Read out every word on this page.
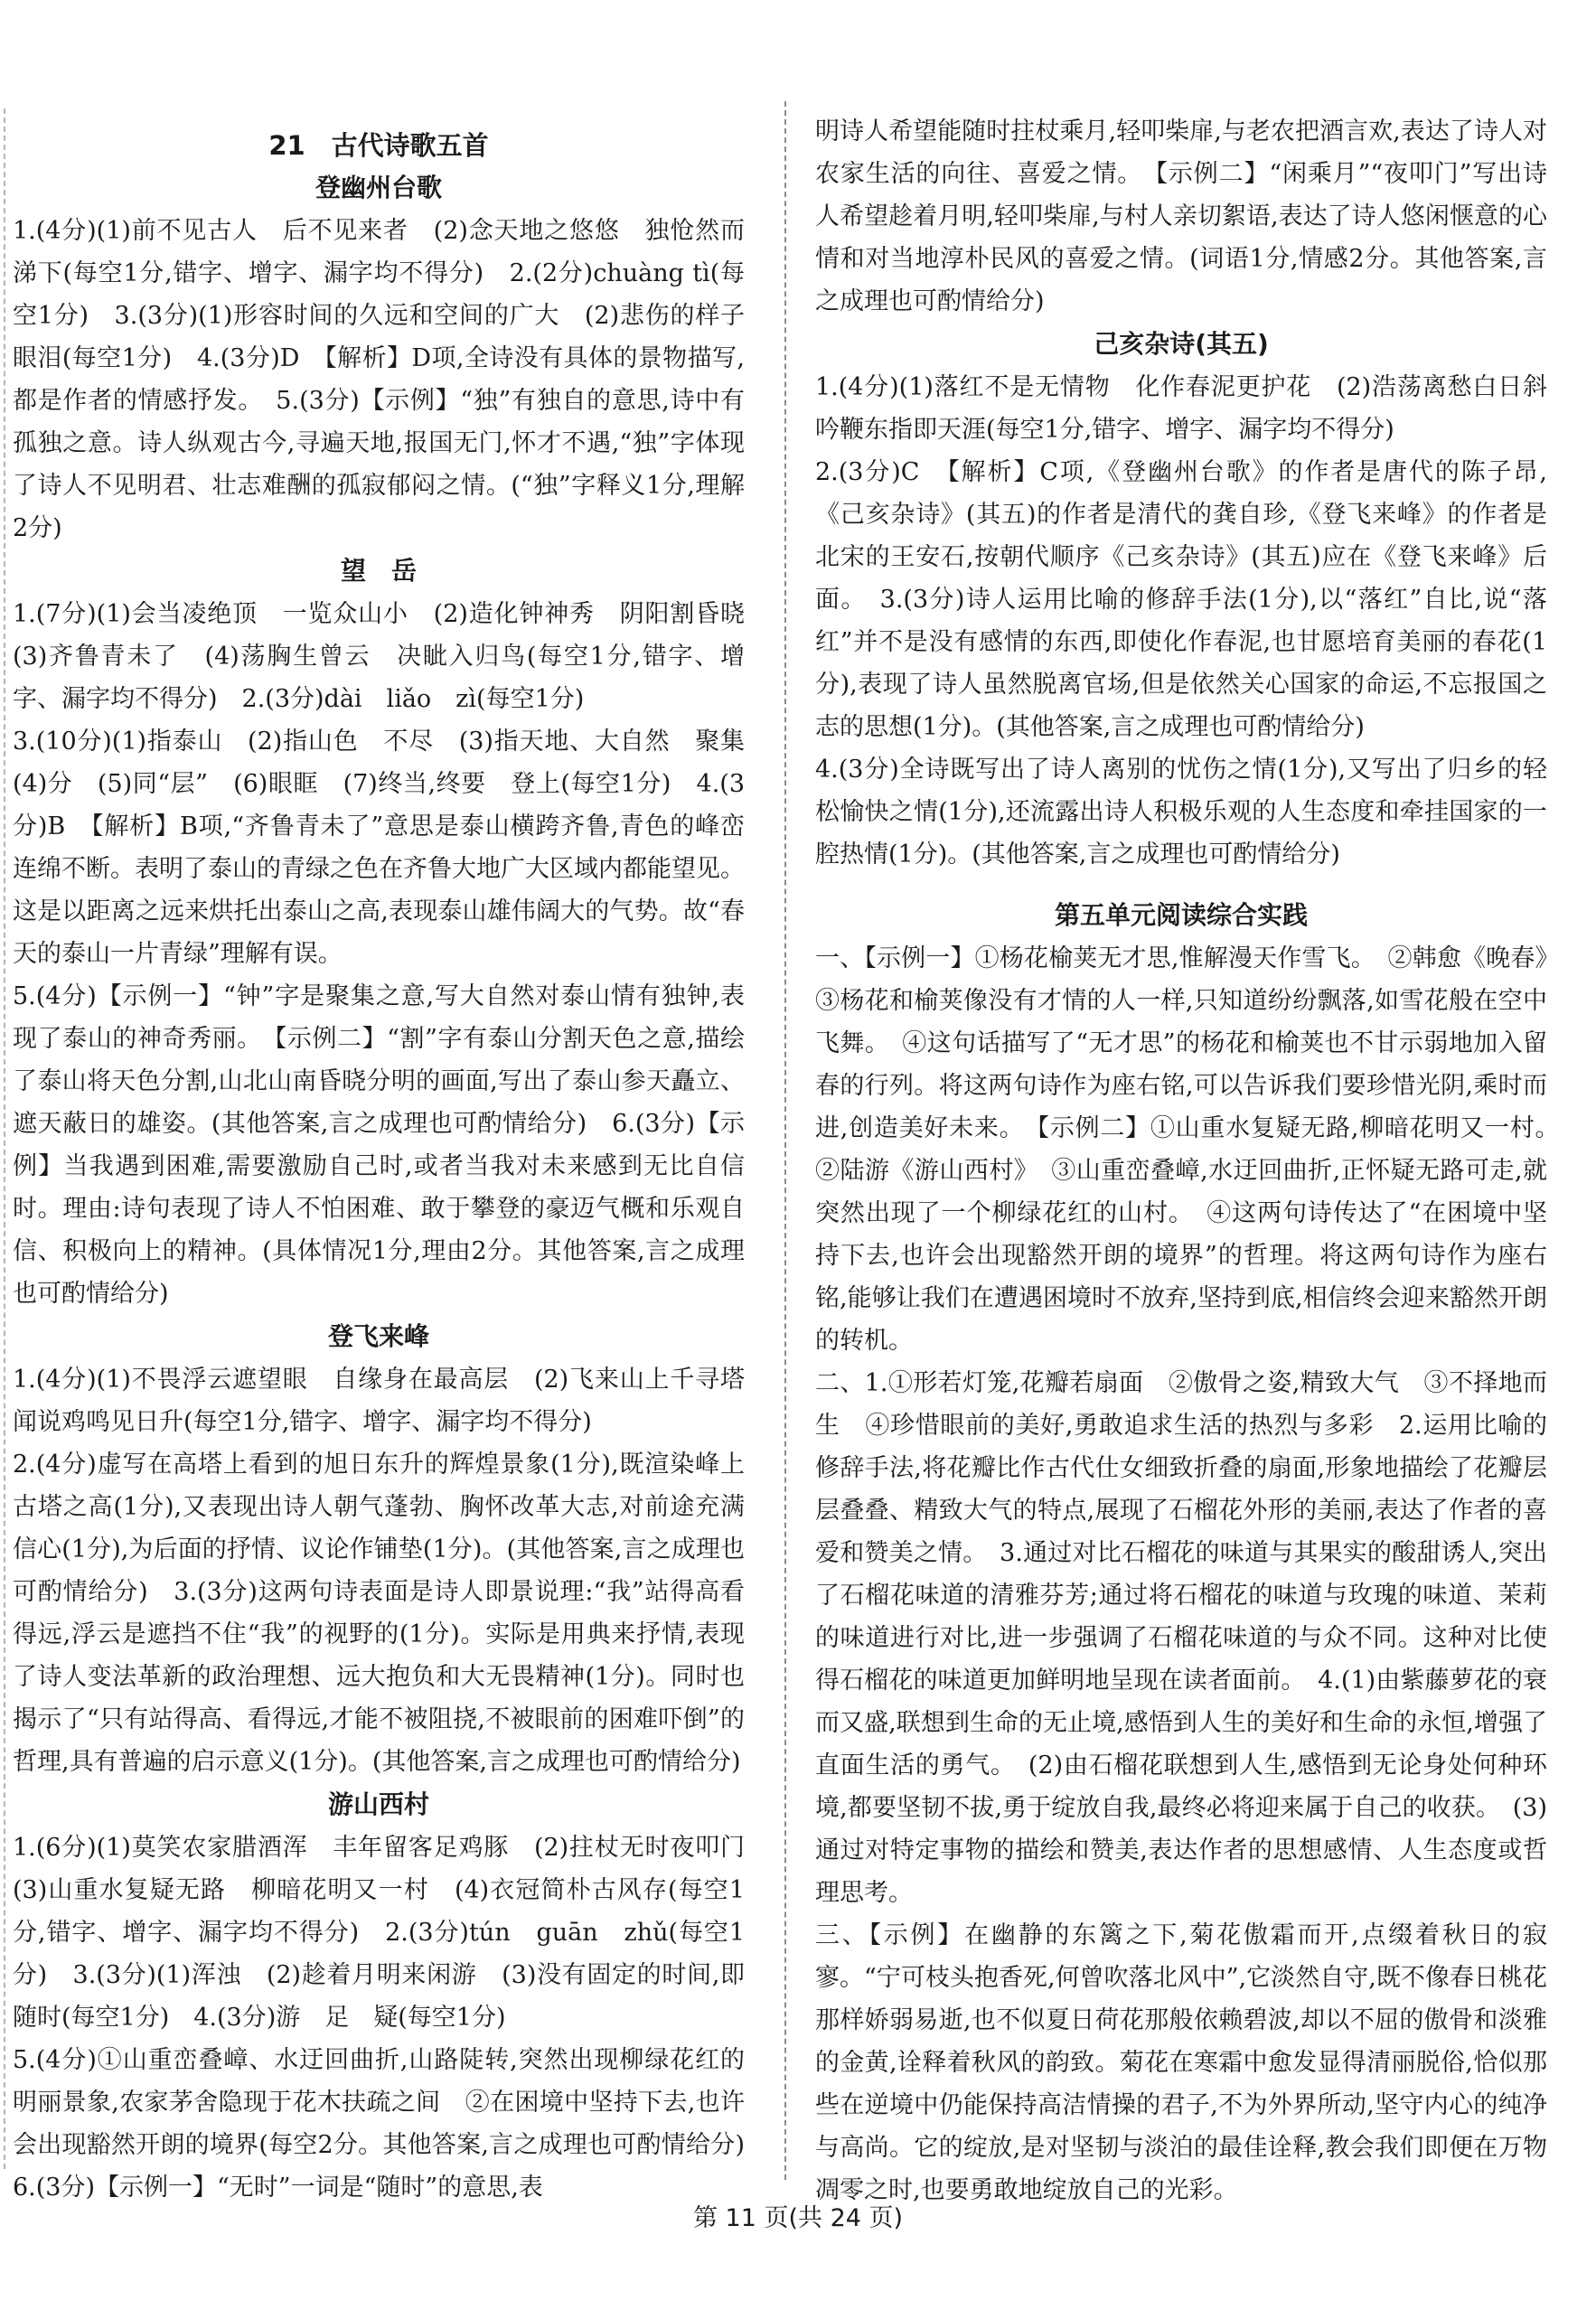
21　古代诗歌五首
登幽州台歌

1.(4分)(1)前不见古人　后不见来者　(2)念天地之悠悠　独怆然而涕下(每空1分,错字、增字、漏字均不得分)　2.(2分)chuàng tì(每空1分)　3.(3分)(1)形容时间的久远和空间的广大　(2)悲伤的样子　眼泪(每空1分)　4.(3分)D　【解析】D项,全诗没有具体的景物描写,都是作者的情感抒发。　5.(3分)【示例】“独”有独自的意思,诗中有孤独之意。诗人纵观古今,寻遍天地,报国无门,怀才不遇,“独”字体现了诗人不见明君、壮志难酬的孤寂郁闷之情。(“独”字释义1分,理解2分)

望　岳

1.(7分)(1)会当凌绝顶　一览众山小　(2)造化钟神秀　阴阳割昏晓　(3)齐鲁青未了　(4)荡胸生曾云　决眦入归鸟(每空1分,错字、增字、漏字均不得分)　2.(3分)dài　liǎo　zì(每空1分)

3.(10分)(1)指泰山　(2)指山色　不尽　(3)指天地、大自然　聚集　(4)分　(5)同“层”　(6)眼眶　(7)终当,终要　登上(每空1分)　4.(3分)B　【解析】B项,“齐鲁青未了”意思是泰山横跨齐鲁,青色的峰峦连绵不断。表明了泰山的青绿之色在齐鲁大地广大区域内都能望见。这是以距离之远来烘托出泰山之高,表现泰山雄伟阔大的气势。故“春天的泰山一片青绿”理解有误。

5.(4分)【示例一】“钟”字是聚集之意,写大自然对泰山情有独钟,表现了泰山的神奇秀丽。　【示例二】“割”字有泰山分割天色之意,描绘了泰山将天色分割,山北山南昏晓分明的画面,写出了泰山参天矗立、遮天蔽日的雄姿。(其他答案,言之成理也可酌情给分)　6.(3分)【示例】当我遇到困难,需要激励自己时,或者当我对未来感到无比自信时。理由:诗句表现了诗人不怕困难、敢于攀登的豪迈气概和乐观自信、积极向上的精神。(具体情况1分,理由2分。其他答案,言之成理也可酌情给分)

登飞来峰

1.(4分)(1)不畏浮云遮望眼　自缘身在最高层　(2)飞来山上千寻塔　闻说鸡鸣见日升(每空1分,错字、增字、漏字均不得分)

2.(4分)虚写在高塔上看到的旭日东升的辉煌景象(1分),既渲染峰上古塔之高(1分),又表现出诗人朝气蓬勃、胸怀改革大志,对前途充满信心(1分),为后面的抒情、议论作铺垫(1分)。(其他答案,言之成理也可酌情给分)　3.(3分)这两句诗表面是诗人即景说理:“我”站得高看得远,浮云是遮挡不住“我”的视野的(1分)。实际是用典来抒情,表现了诗人变法革新的政治理想、远大抱负和大无畏精神(1分)。同时也揭示了“只有站得高、看得远,才能不被阻挠,不被眼前的困难吓倒”的哲理,具有普遍的启示意义(1分)。(其他答案,言之成理也可酌情给分)

游山西村

1.(6分)(1)莫笑农家腊酒浑　丰年留客足鸡豚　(2)拄杖无时夜叩门　(3)山重水复疑无路　柳暗花明又一村　(4)衣冠简朴古风存(每空1分,错字、增字、漏字均不得分)　2.(3分)tún　guān　zhǔ(每空1分)　3.(3分)(1)浑浊　(2)趁着月明来闲游　(3)没有固定的时间,即随时(每空1分)　4.(3分)游　足　疑(每空1分)

5.(4分)①山重峦叠嶂、水迂回曲折,山路陡转,突然出现柳绿花红的明丽景象,农家茅舍隐现于花木扶疏之间　②在困境中坚持下去,也许会出现豁然开朗的境界(每空2分。其他答案,言之成理也可酌情给分)　6.(3分)【示例一】“无时”一词是“随时”的意思,表

明诗人希望能随时拄杖乘月,轻叩柴扉,与老农把酒言欢,表达了诗人对农家生活的向往、喜爱之情。　【示例二】“闲乘月”“夜叩门”写出诗人希望趁着月明,轻叩柴扉,与村人亲切絮语,表达了诗人悠闲惬意的心情和对当地淳朴民风的喜爱之情。(词语1分,情感2分。其他答案,言之成理也可酌情给分)

己亥杂诗(其五)

1.(4分)(1)落红不是无情物　化作春泥更护花　(2)浩荡离愁白日斜　吟鞭东指即天涯(每空1分,错字、增字、漏字均不得分)

2.(3分)C　【解析】C项,《登幽州台歌》的作者是唐代的陈子昂,《己亥杂诗》(其五)的作者是清代的龚自珍,《登飞来峰》的作者是北宋的王安石,按朝代顺序《己亥杂诗》(其五)应在《登飞来峰》后面。　3.(3分)诗人运用比喻的修辞手法(1分),以“落红”自比,说“落红”并不是没有感情的东西,即使化作春泥,也甘愿培育美丽的春花(1分),表现了诗人虽然脱离官场,但是依然关心国家的命运,不忘报国之志的思想(1分)。(其他答案,言之成理也可酌情给分)

4.(3分)全诗既写出了诗人离别的忧伤之情(1分),又写出了归乡的轻松愉快之情(1分),还流露出诗人积极乐观的人生态度和牵挂国家的一腔热情(1分)。(其他答案,言之成理也可酌情给分)

第五单元阅读综合实践

一、【示例一】①杨花榆荚无才思,惟解漫天作雪飞。　②韩愈《晚春》　③杨花和榆荚像没有才情的人一样,只知道纷纷飘落,如雪花般在空中飞舞。　④这句话描写了“无才思”的杨花和榆荚也不甘示弱地加入留春的行列。将这两句诗作为座右铭,可以告诉我们要珍惜光阴,乘时而进,创造美好未来。　【示例二】①山重水复疑无路,柳暗花明又一村。　②陆游《游山西村》　③山重峦叠嶂,水迂回曲折,正怀疑无路可走,就突然出现了一个柳绿花红的山村。　④这两句诗传达了“在困境中坚持下去,也许会出现豁然开朗的境界”的哲理。将这两句诗作为座右铭,能够让我们在遭遇困境时不放弃,坚持到底,相信终会迎来豁然开朗的转机。

二、1.①形若灯笼,花瓣若扇面　②傲骨之姿,精致大气　③不择地而生　④珍惜眼前的美好,勇敢追求生活的热烈与多彩　2.运用比喻的修辞手法,将花瓣比作古代仕女细致折叠的扇面,形象地描绘了花瓣层层叠叠、精致大气的特点,展现了石榴花外形的美丽,表达了作者的喜爱和赞美之情。　3.通过对比石榴花的味道与其果实的酸甜诱人,突出了石榴花味道的清雅芬芳;通过将石榴花的味道与玫瑰的味道、茉莉的味道进行对比,进一步强调了石榴花味道的与众不同。这种对比使得石榴花的味道更加鲜明地呈现在读者面前。　4.(1)由紫藤萝花的衰而又盛,联想到生命的无止境,感悟到人生的美好和生命的永恒,增强了直面生活的勇气。　(2)由石榴花联想到人生,感悟到无论身处何种环境,都要坚韧不拔,勇于绽放自我,最终必将迎来属于自己的收获。　(3)通过对特定事物的描绘和赞美,表达作者的思想感情、人生态度或哲理思考。

三、【示例】在幽静的东篱之下,菊花傲霜而开,点缀着秋日的寂寥。“宁可枝头抱香死,何曾吹落北风中”,它淡然自守,既不像春日桃花那样娇弱易逝,也不似夏日荷花那般依赖碧波,却以不屈的傲骨和淡雅的金黄,诠释着秋风的韵致。菊花在寒霜中愈发显得清丽脱俗,恰似那些在逆境中仍能保持高洁情操的君子,不为外界所动,坚守内心的纯净与高尚。它的绽放,是对坚韧与淡泊的最佳诠释,教会我们即便在万物凋零之时,也要勇敢地绽放自己的光彩。

第 11 页(共 24 页)
